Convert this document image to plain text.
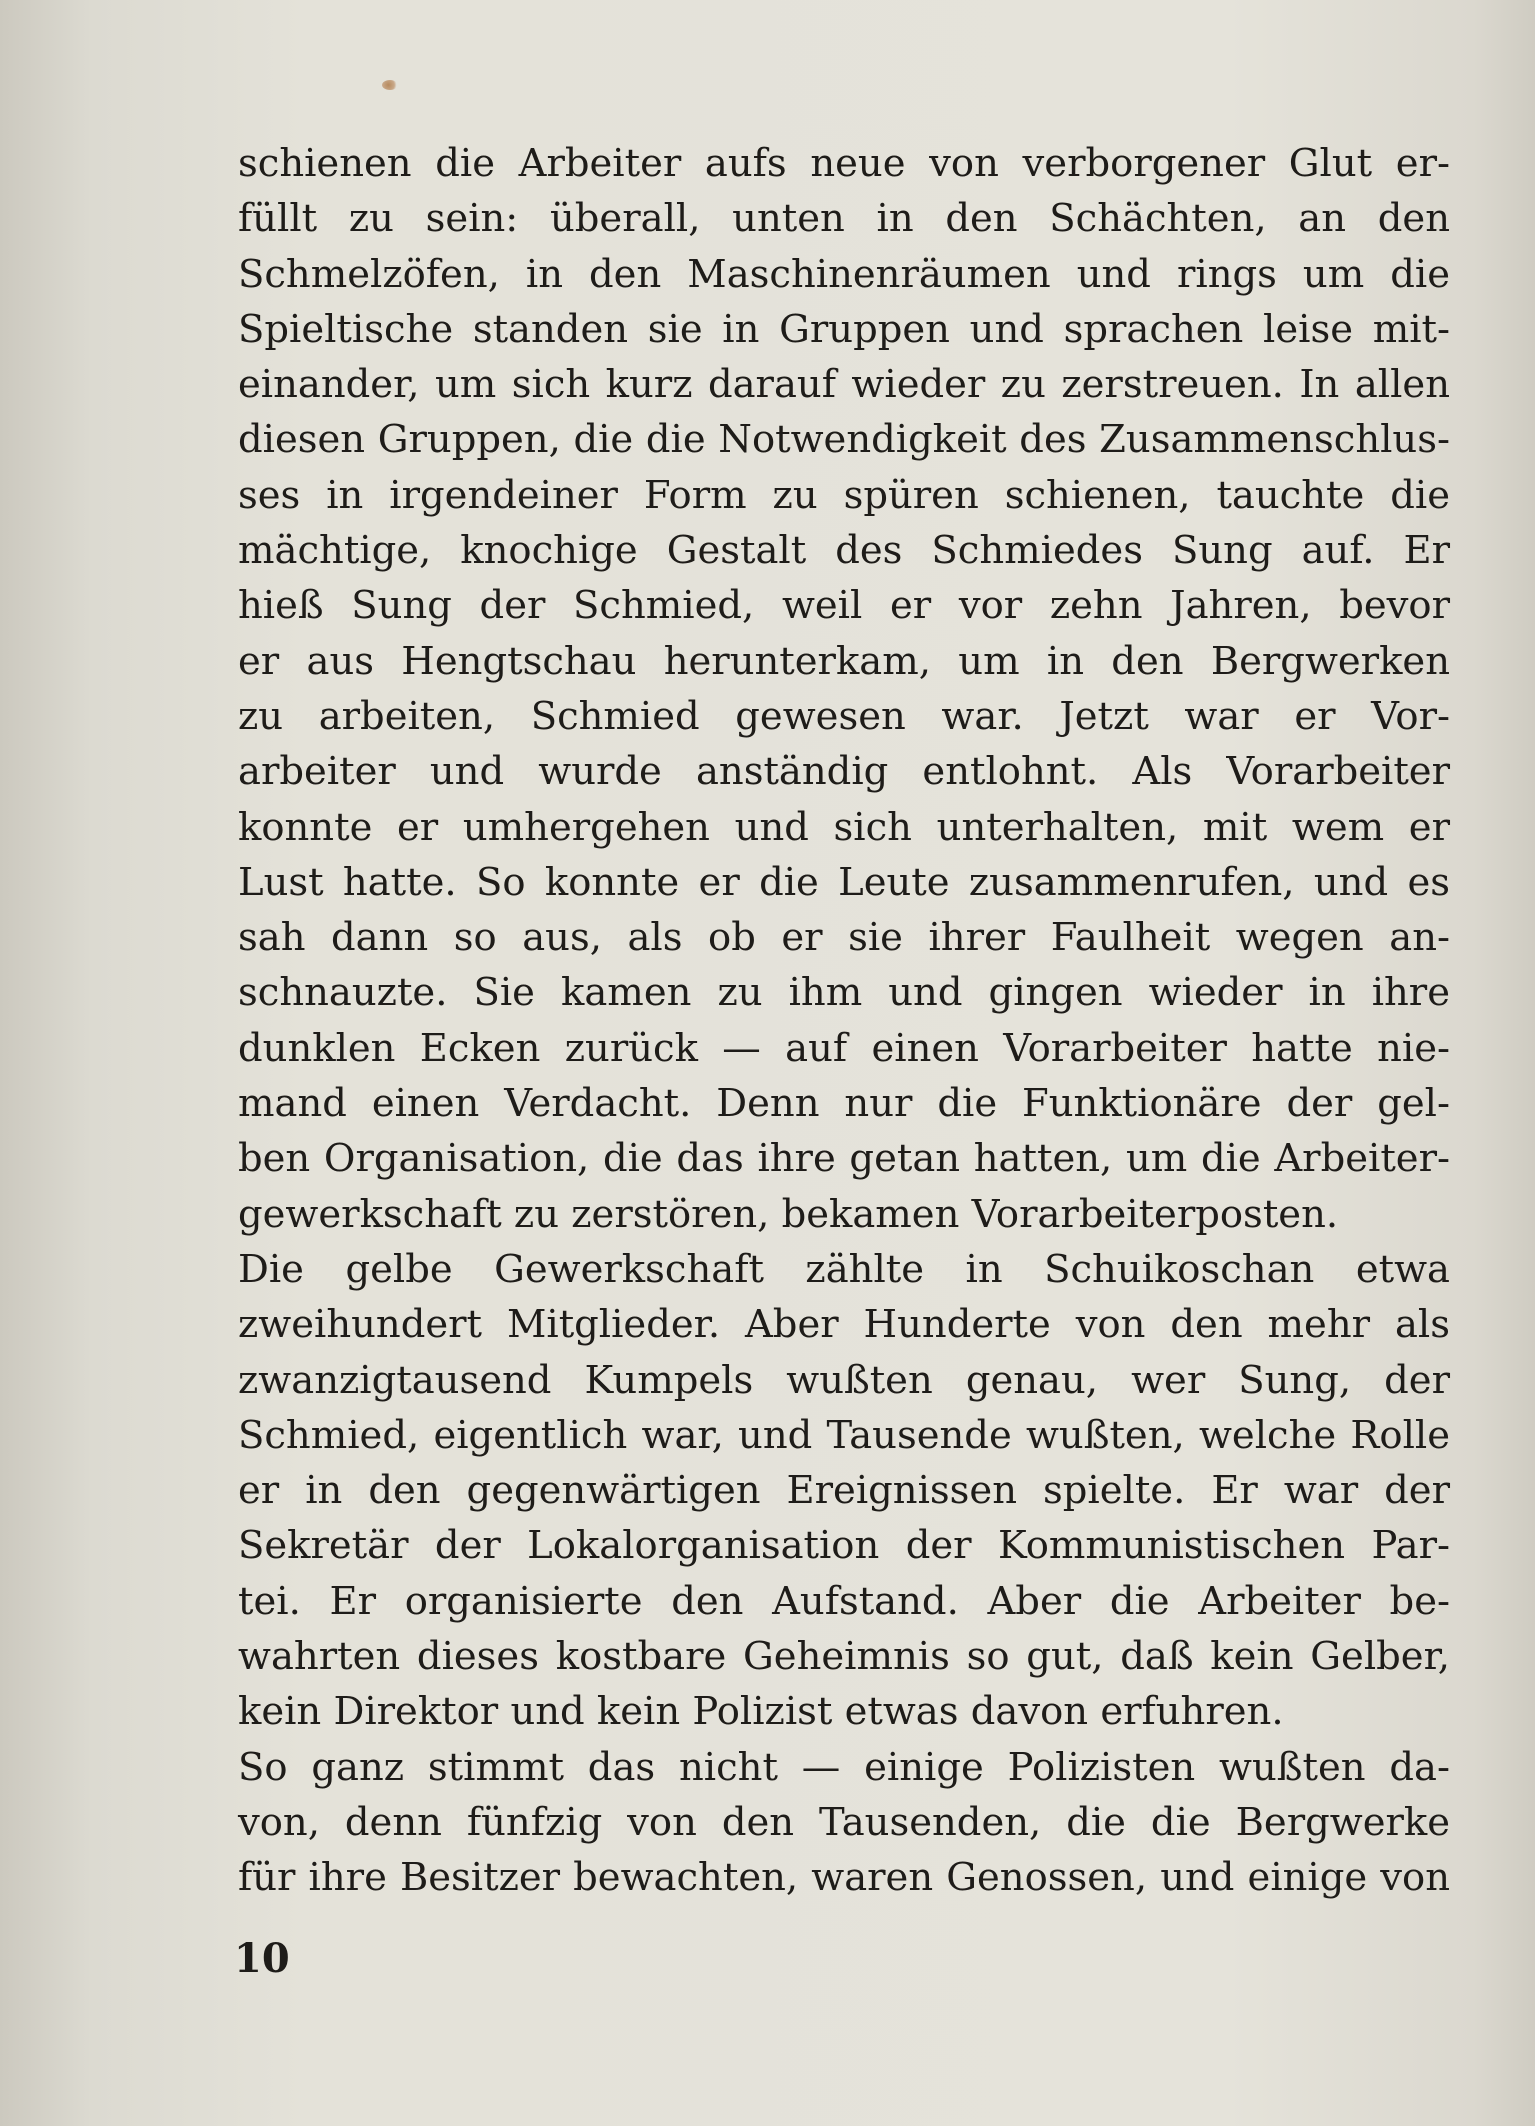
schienen die Arbeiter aufs neue von verborgener Glut er-
füllt zu sein: überall, unten in den Schächten, an den
Schmelzöfen, in den Maschinenräumen und rings um die
Spieltische standen sie in Gruppen und sprachen leise mit-
einander, um sich kurz darauf wieder zu zerstreuen. In allen
diesen Gruppen, die die Notwendigkeit des Zusammenschlus-
ses in irgendeiner Form zu spüren schienen, tauchte die
mächtige, knochige Gestalt des Schmiedes Sung auf. Er
hieß Sung der Schmied, weil er vor zehn Jahren, bevor
er aus Hengtschau herunterkam, um in den Bergwerken
zu arbeiten, Schmied gewesen war. Jetzt war er Vor-
arbeiter und wurde anständig entlohnt. Als Vorarbeiter
konnte er umhergehen und sich unterhalten, mit wem er
Lust hatte. So konnte er die Leute zusammenrufen, und es
sah dann so aus, als ob er sie ihrer Faulheit wegen an-
schnauzte. Sie kamen zu ihm und gingen wieder in ihre
dunklen Ecken zurück — auf einen Vorarbeiter hatte nie-
mand einen Verdacht. Denn nur die Funktionäre der gel-
ben Organisation, die das ihre getan hatten, um die Arbeiter-
gewerkschaft zu zerstören, bekamen Vorarbeiterposten.
Die gelbe Gewerkschaft zählte in Schuikoschan etwa
zweihundert Mitglieder. Aber Hunderte von den mehr als
zwanzigtausend Kumpels wußten genau, wer Sung, der
Schmied, eigentlich war, und Tausende wußten, welche Rolle
er in den gegenwärtigen Ereignissen spielte. Er war der
Sekretär der Lokalorganisation der Kommunistischen Par-
tei. Er organisierte den Aufstand. Aber die Arbeiter be-
wahrten dieses kostbare Geheimnis so gut, daß kein Gelber,
kein Direktor und kein Polizist etwas davon erfuhren.
So ganz stimmt das nicht — einige Polizisten wußten da-
von, denn fünfzig von den Tausenden, die die Bergwerke
für ihre Besitzer bewachten, waren Genossen, und einige von
10
